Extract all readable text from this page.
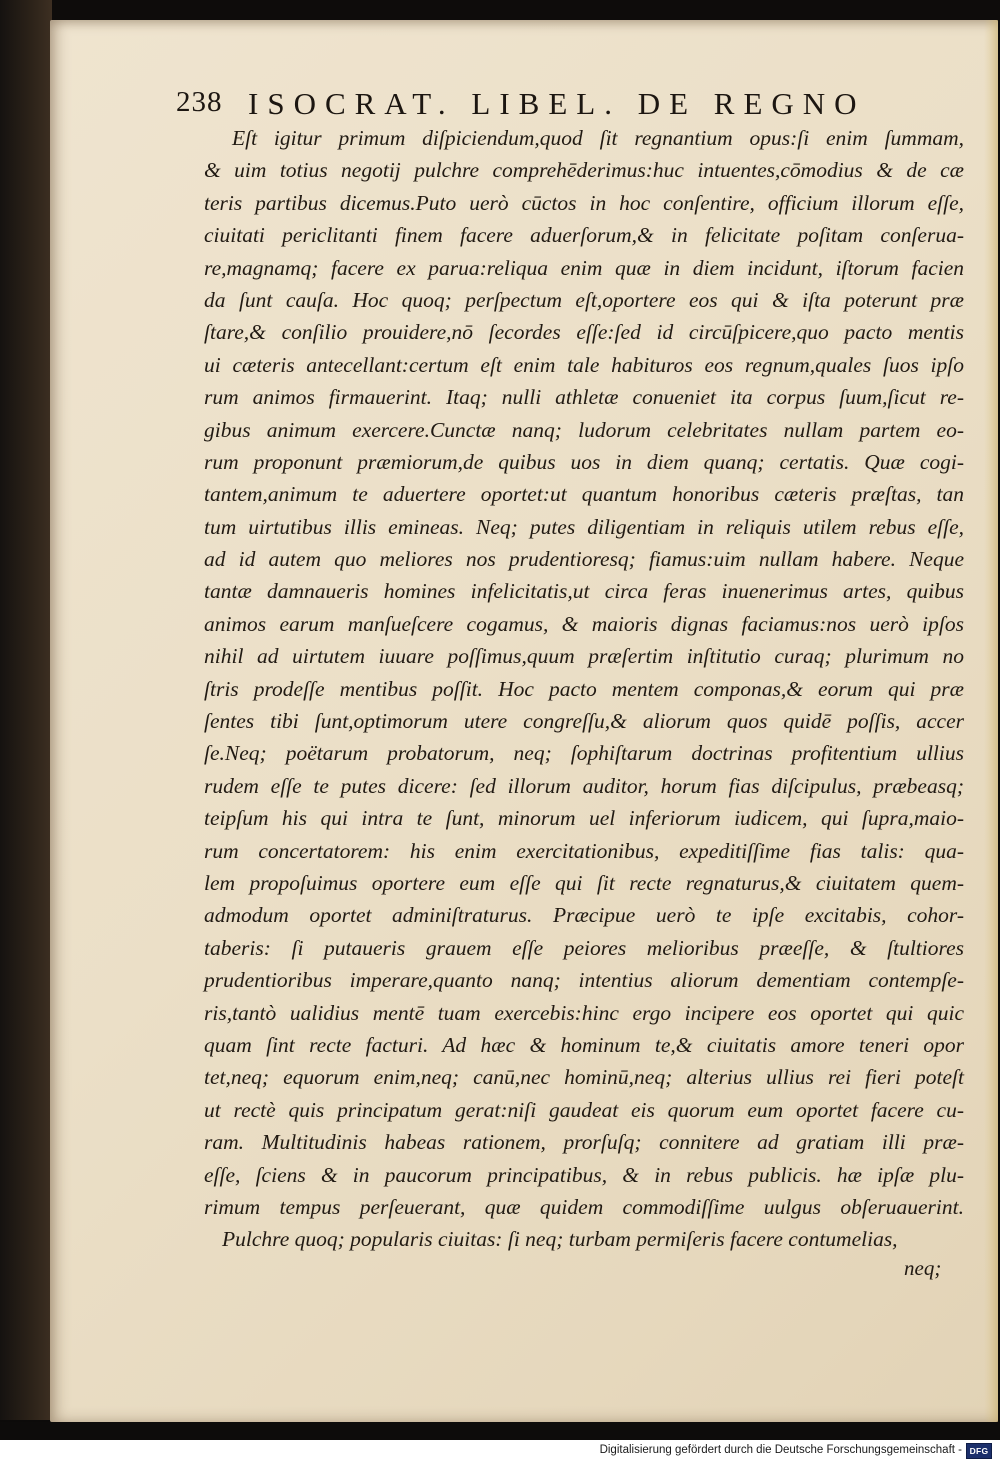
238 ISOCRAT. LIBEL. DE REGNO
Eſt igitur primum diſpiciendum,quod ſit regnantium opus:ſi enim ſummam,
& uim totius negotij pulchre comprehēderimus:huc intuentes,cōmodius & de cæ
teris partibus dicemus.Puto uerò cūctos in hoc conſentire, officium illorum eſſe,
ciuitati periclitanti finem facere aduerſorum,& in felicitate poſitam conſerua-
re,magnamq; facere ex parua:reliqua enim quæ in diem incidunt, iſtorum facien
da ſunt cauſa. Hoc quoq; perſpectum eſt,oportere eos qui & iſta poterunt præ
ſtare,& conſilio prouidere,nō ſecordes eſſe:ſed id circūſpicere,quo pacto mentis
ui cæteris antecellant:certum eſt enim tale habituros eos regnum,quales ſuos ipſo
rum animos firmauerint. Itaq; nulli athletæ conueniet ita corpus ſuum,ſicut re-
gibus animum exercere.Cunctæ nanq; ludorum celebritates nullam partem eo-
rum proponunt præmiorum,de quibus uos in diem quanq; certatis. Quæ cogi-
tantem,animum te aduertere oportet:ut quantum honoribus cæteris præſtas, tan
tum uirtutibus illis emineas. Neq; putes diligentiam in reliquis utilem rebus eſſe,
ad id autem quo meliores nos prudentioresq; fiamus:uim nullam habere. Neque
tantæ damnaueris homines infelicitatis,ut circa feras inuenerimus artes, quibus
animos earum manſueſcere cogamus, & maioris dignas faciamus:nos uerò ipſos
nihil ad uirtutem iuuare poſſimus,quum præſertim inſtitutio curaq; plurimum no
ſtris prodeſſe mentibus poſſit. Hoc pacto mentem componas,& eorum qui præ
ſentes tibi ſunt,optimorum utere congreſſu,& aliorum quos quidē poſſis, accer
ſe.Neq; poëtarum probatorum, neq; ſophiſtarum doctrinas profitentium ullius
rudem eſſe te putes dicere: ſed illorum auditor, horum fias diſcipulus, præbeasq;
teipſum his qui intra te ſunt, minorum uel inferiorum iudicem, qui ſupra,maio-
rum concertatorem: his enim exercitationibus, expeditiſſime fias talis: qua-
lem propoſuimus oportere eum eſſe qui ſit recte regnaturus,& ciuitatem quem-
admodum oportet adminiſtraturus. Præcipue uerò te ipſe excitabis, cohor-
taberis: ſi putaueris grauem eſſe peiores melioribus præeſſe, & ſtultiores
prudentioribus imperare,quanto nanq; intentius aliorum dementiam contempſe-
ris,tantò ualidius mentē tuam exercebis:hinc ergo incipere eos oportet qui quic
quam ſint recte facturi. Ad hæc & hominum te,& ciuitatis amore teneri opor
tet,neq; equorum enim,neq; canū,nec hominū,neq; alterius ullius rei fieri poteſt
ut rectè quis principatum gerat:niſi gaudeat eis quorum eum oportet facere cu-
ram. Multitudinis habeas rationem, prorſuſq; connitere ad gratiam illi præ-
eſſe, ſciens & in paucorum principatibus, & in rebus publicis. hæ ipſæ plu-
rimum tempus perſeuerant, quæ quidem commodiſſime uulgus obſeruauerint.
Pulchre quoq; popularis ciuitas: ſi neq; turbam permiſeris facere contumelias,
neq;
Digitalisierung gefördert durch die Deutsche Forschungsgemeinschaft - DFG
